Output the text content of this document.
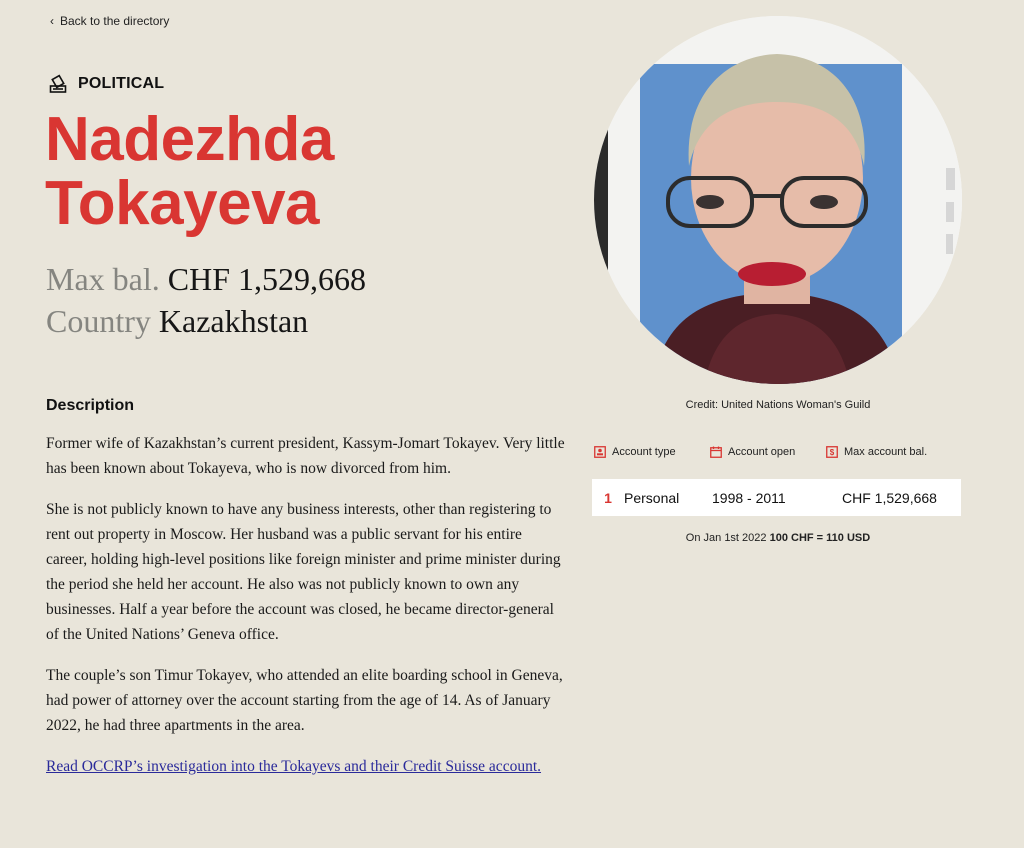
‹ Back to the directory
POLITICAL
Nadezhda
Tokayeva
Max bal. CHF 1,529,668
Country Kazakhstan
Description

Former wife of Kazakhstan’s current president, Kassym-Jomart Tokayev. Very little has been known about Tokayeva, who is now divorced from him.

She is not publicly known to have any business interests, other than registering to rent out property in Moscow. Her husband was a public servant for his entire career, holding high-level positions like foreign minister and prime minister during the period she held her account. He also was not publicly known to own any businesses. Half a year before the account was closed, he became director-general of the United Nations’ Geneva office.

The couple’s son Timur Tokayev, who attended an elite boarding school in Geneva, had power of attorney over the account starting from the age of 14. As of January 2022, he had three apartments in the area.

Read OCCRP’s investigation into the Tokayevs and their Credit Suisse account.

Credit: United Nations Woman's Guild
Account type	Account open	$ Max account bal.
1 Personal	1998 - 2011	CHF 1,529,668
On Jan 1st 2022 100 CHF = 110 USD
